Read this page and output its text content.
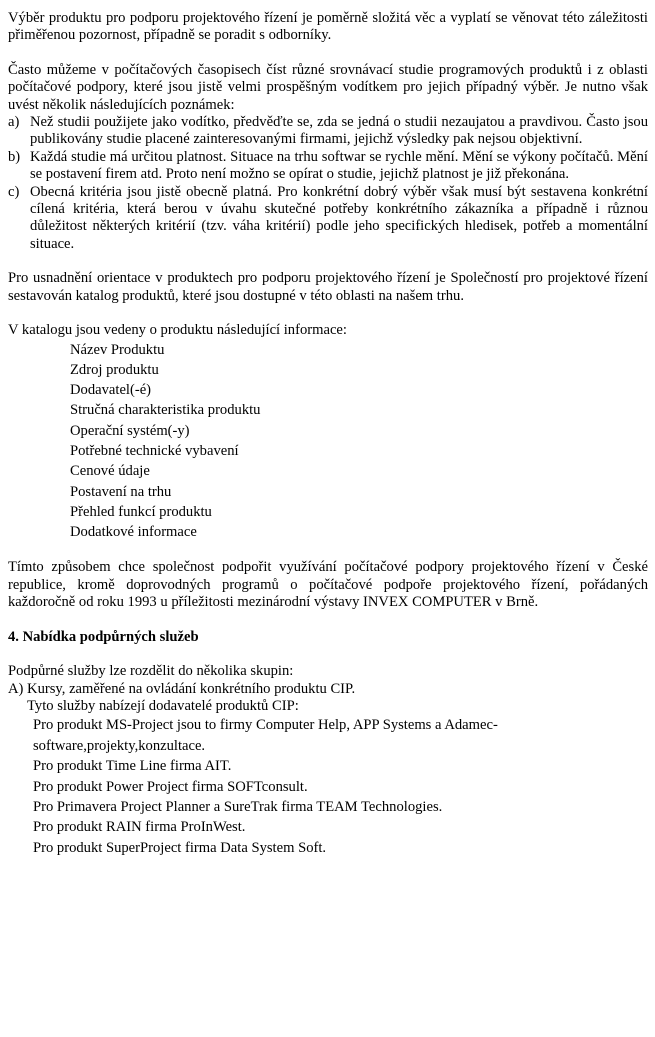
Výběr produktu pro podporu projektového řízení je poměrně složitá věc a vyplatí se věnovat této záležitosti přiměřenou pozornost, případně se poradit s odborníky.

Často můžeme v počítačových časopisech číst různé srovnávací studie programových produktů i z oblasti počítačové podpory, které jsou jistě velmi prospěšným vodítkem pro jejich případný výběr. Je nutno však uvést několik následujících poznámek:

a) Než studii použijete jako vodítko, předvěďte se, zda se jedná o studii nezaujatou a pravdivou. Často jsou publikovány studie placené zainteresovanými firmami, jejichž výsledky pak nejsou objektivní.
b) Každá studie má určitou platnost. Situace na trhu softwar se rychle mění. Mění se výkony počítačů. Mění se postavení firem atd. Proto není možno se opírat o studie, jejichž platnost je již překonána.
c) Obecná kritéria jsou jistě obecně platná. Pro konkrétní dobrý výběr však musí být sestavena konkrétní cílená kritéria, která berou v úvahu skutečné potřeby konkrétního zákazníka a případně i různou důležitost některých kritérií (tzv. váha kritérií) podle jeho specifických hledisek, potřeb a momentální situace.

Pro usnadnění orientace v produktech pro podporu projektového řízení je Společností pro projektové řízení sestavován katalog produktů, které jsou dostupné v této oblasti na našem trhu.

V katalogu jsou vedeny o produktu následující informace:

Název Produktu
Zdroj produktu
Dodavatel(-é)
Stručná charakteristika produktu
Operační systém(-y)
Potřebné technické vybavení
Cenové údaje
Postavení na trhu
Přehled funkcí produktu
Dodatkové informace

Tímto způsobem chce společnost podpořit využívání počítačové podpory projektového řízení v České republice, kromě doprovodných programů o počítačové podpoře projektového řízení, pořádaných každoročně od roku 1993 u příležitosti mezinárodní výstavy INVEX COMPUTER v Brně.

4. Nabídka podpůrných služeb

Podpůrné služby lze rozdělit do několika skupin:

A) Kursy, zaměřené na ovládání konkrétního produktu CIP.

Tyto služby nabízejí dodavatelé produktů CIP:

Pro produkt MS-Project jsou to firmy Computer Help, APP Systems a Adamec-software,projekty,konzultace.
Pro produkt Time Line firma AIT.
Pro produkt Power Project firma SOFTconsult.
Pro Primavera Project Planner a SureTrak firma TEAM Technologies.
Pro produkt RAIN firma ProInWest.
Pro produkt SuperProject firma Data System Soft.
